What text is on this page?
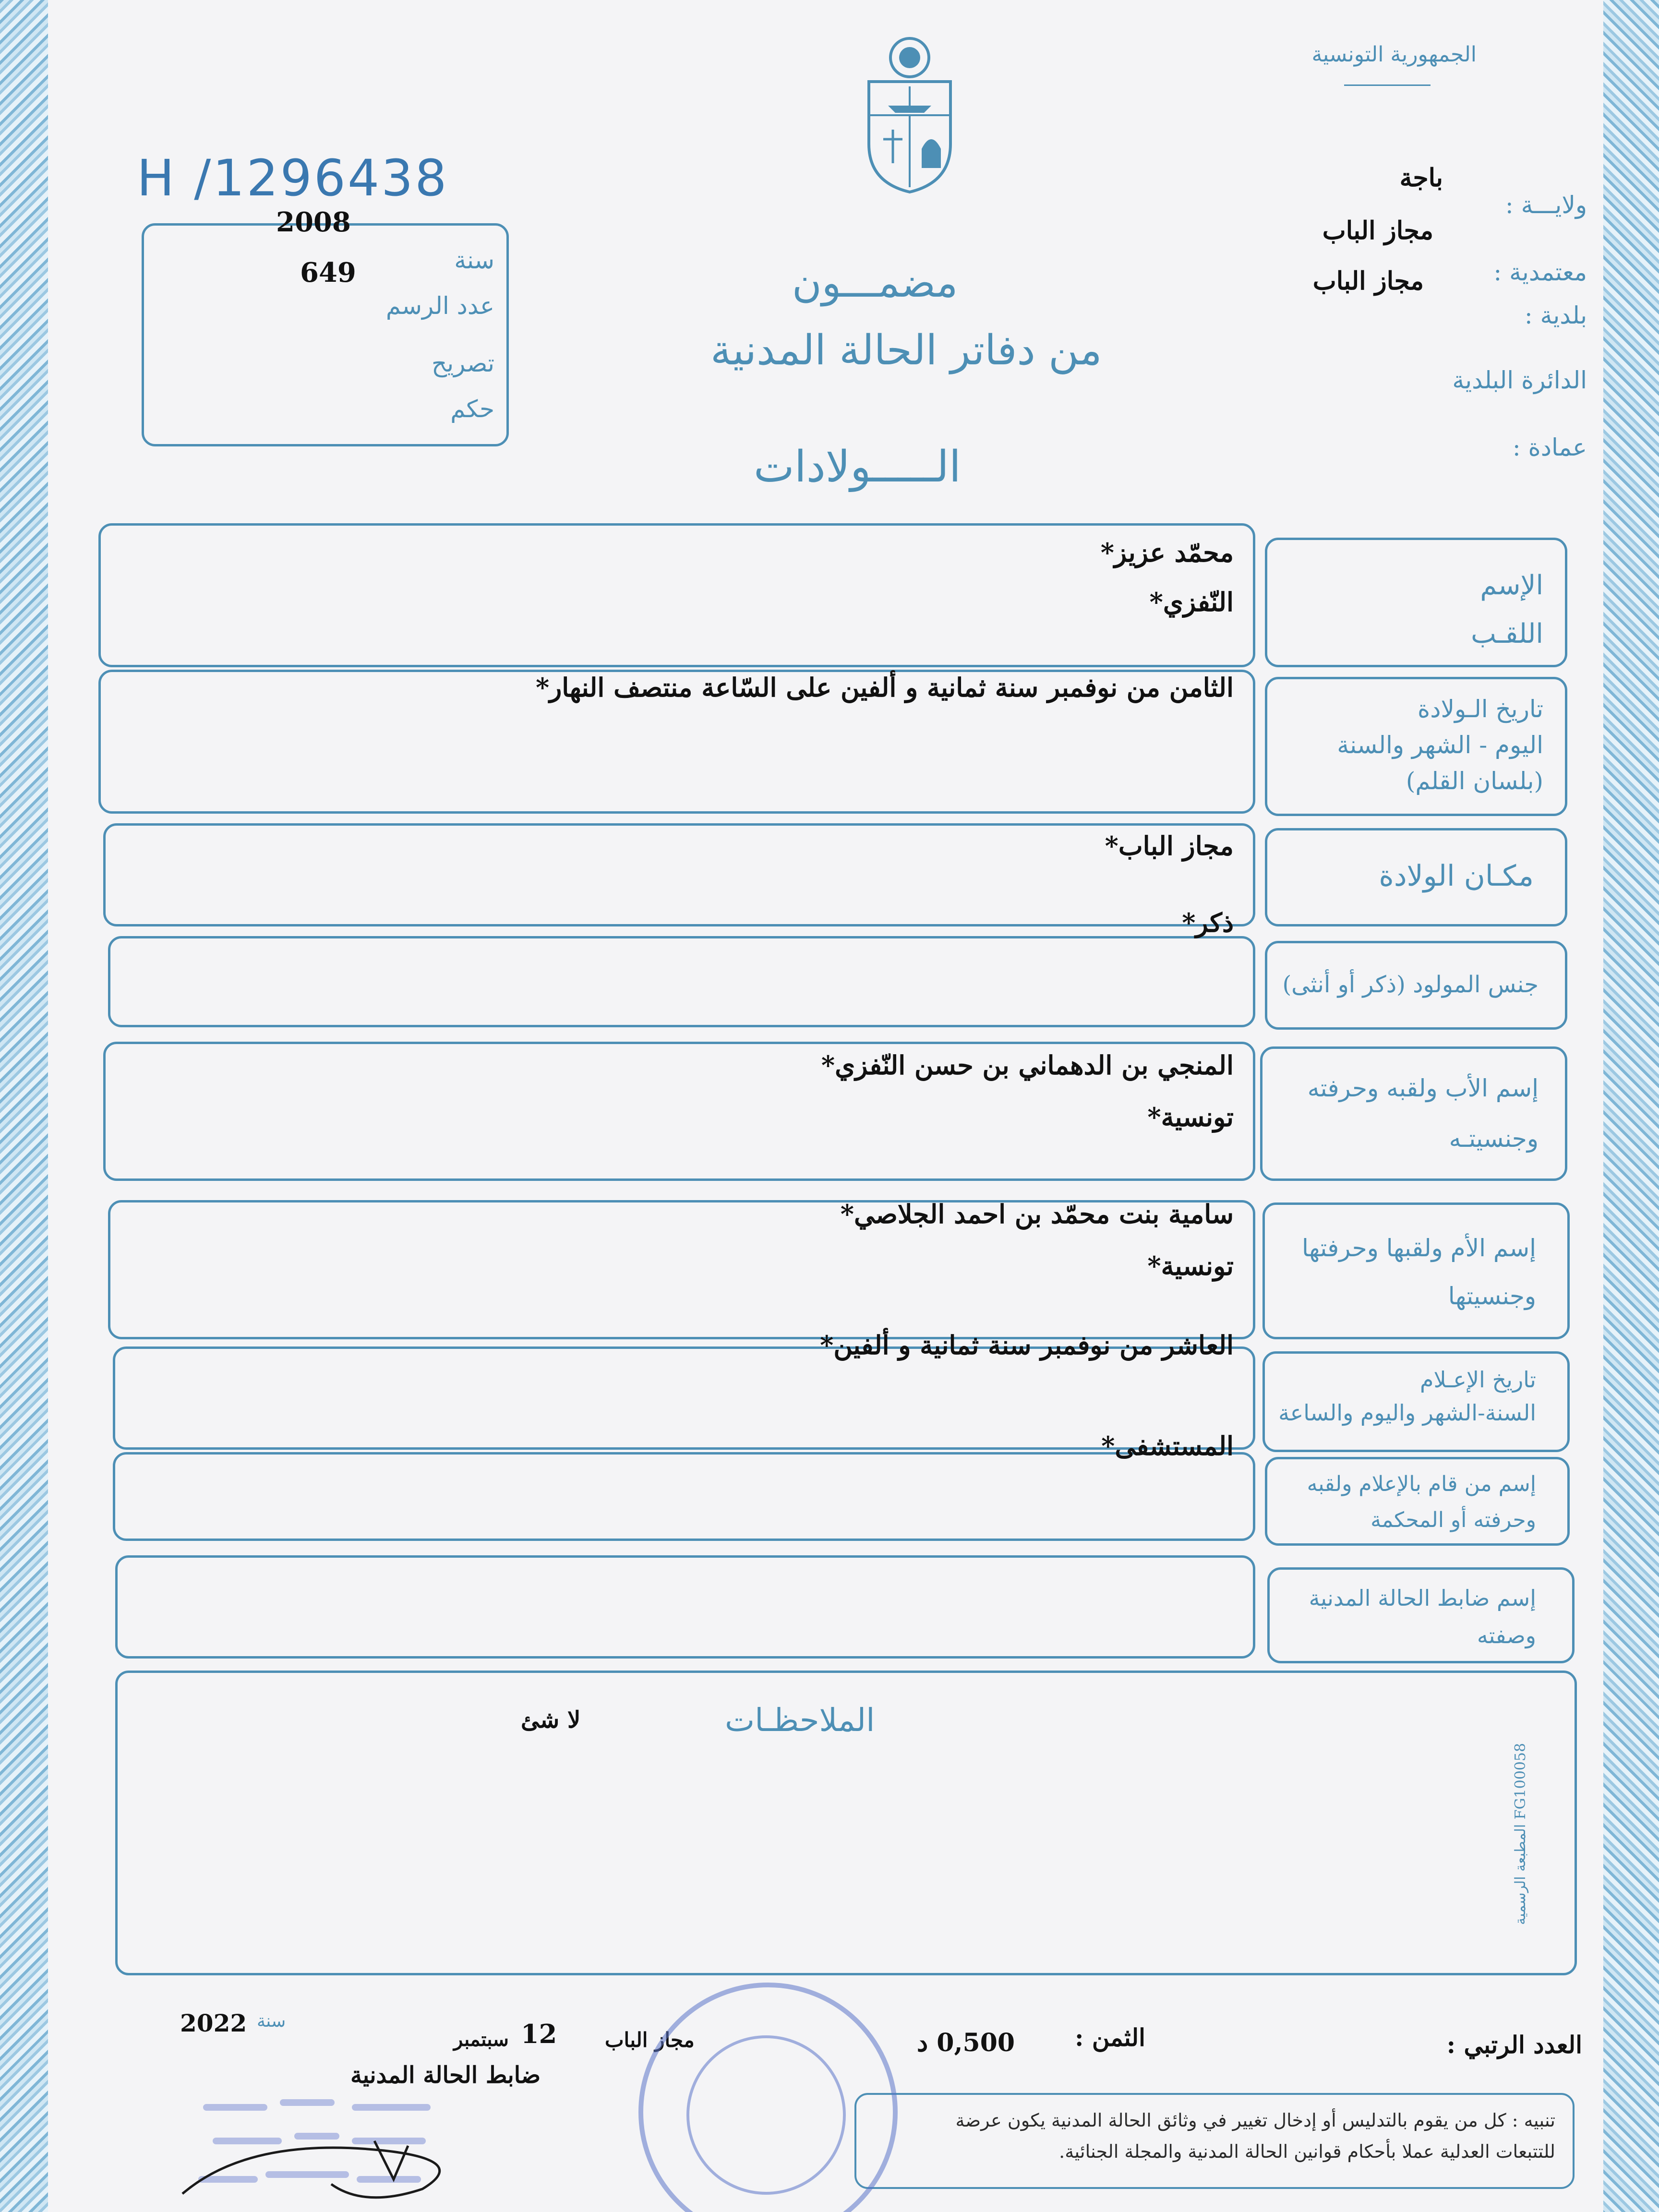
الجمهورية التونسية
H /1296438
2008
سنة
649
عدد الرسم
تصريح
حكم
ولايـــة :
باجة
معتمدية :
مجاز الباب
بلدية :
مجاز الباب
الدائرة البلدية
عمادة :
مضمـــون
من دفاتر الحالة المدنية
الـــــولادات
الإسم
اللقـب
محمّد عزيز*
النّفزي*
تاريخ الـولادة
اليوم - الشهر والسنة
(بلسان القلم)
الثامن من نوفمبر سنة ثمانية و ألفين على السّاعة منتصف النهار*
مكـان الولادة
مجاز الباب*
جنس المولود (ذكر أو أنثى)
ذكر*
إسم الأب ولقبه وحرفته
وجنسيتـه
المنجي بن الدهماني بن حسن النّفزي*
تونسية*
إسم الأم ولقبها وحرفتها
وجنسيتها
سامية بنت محمّد بن احمد الجلاصي*
تونسية*
تاريخ الإعـلام
السنة-الشهر واليوم والساعة
العاشر من نوفمبر سنة ثمانية و ألفين*
إسم من قام بالإعلام ولقبه
وحرفته أو المحكمة
المستشفى*
إسم ضابط الحالة المدنية
وصفته
الملاحظـات
لا شئ
المطبعة الرسمية FG100058
العدد الرتبي :
الثمن :
0,500 د
مجاز الباب
12
سبتمبر
سنة
2022
ضابط الحالة المدنية
تنبيه : كل من يقوم بالتدليس أو إدخال تغيير في وثائق الحالة المدنية يكون عرضة
للتتبعات العدلية عملا بأحكام قوانين الحالة المدنية والمجلة الجنائية.
